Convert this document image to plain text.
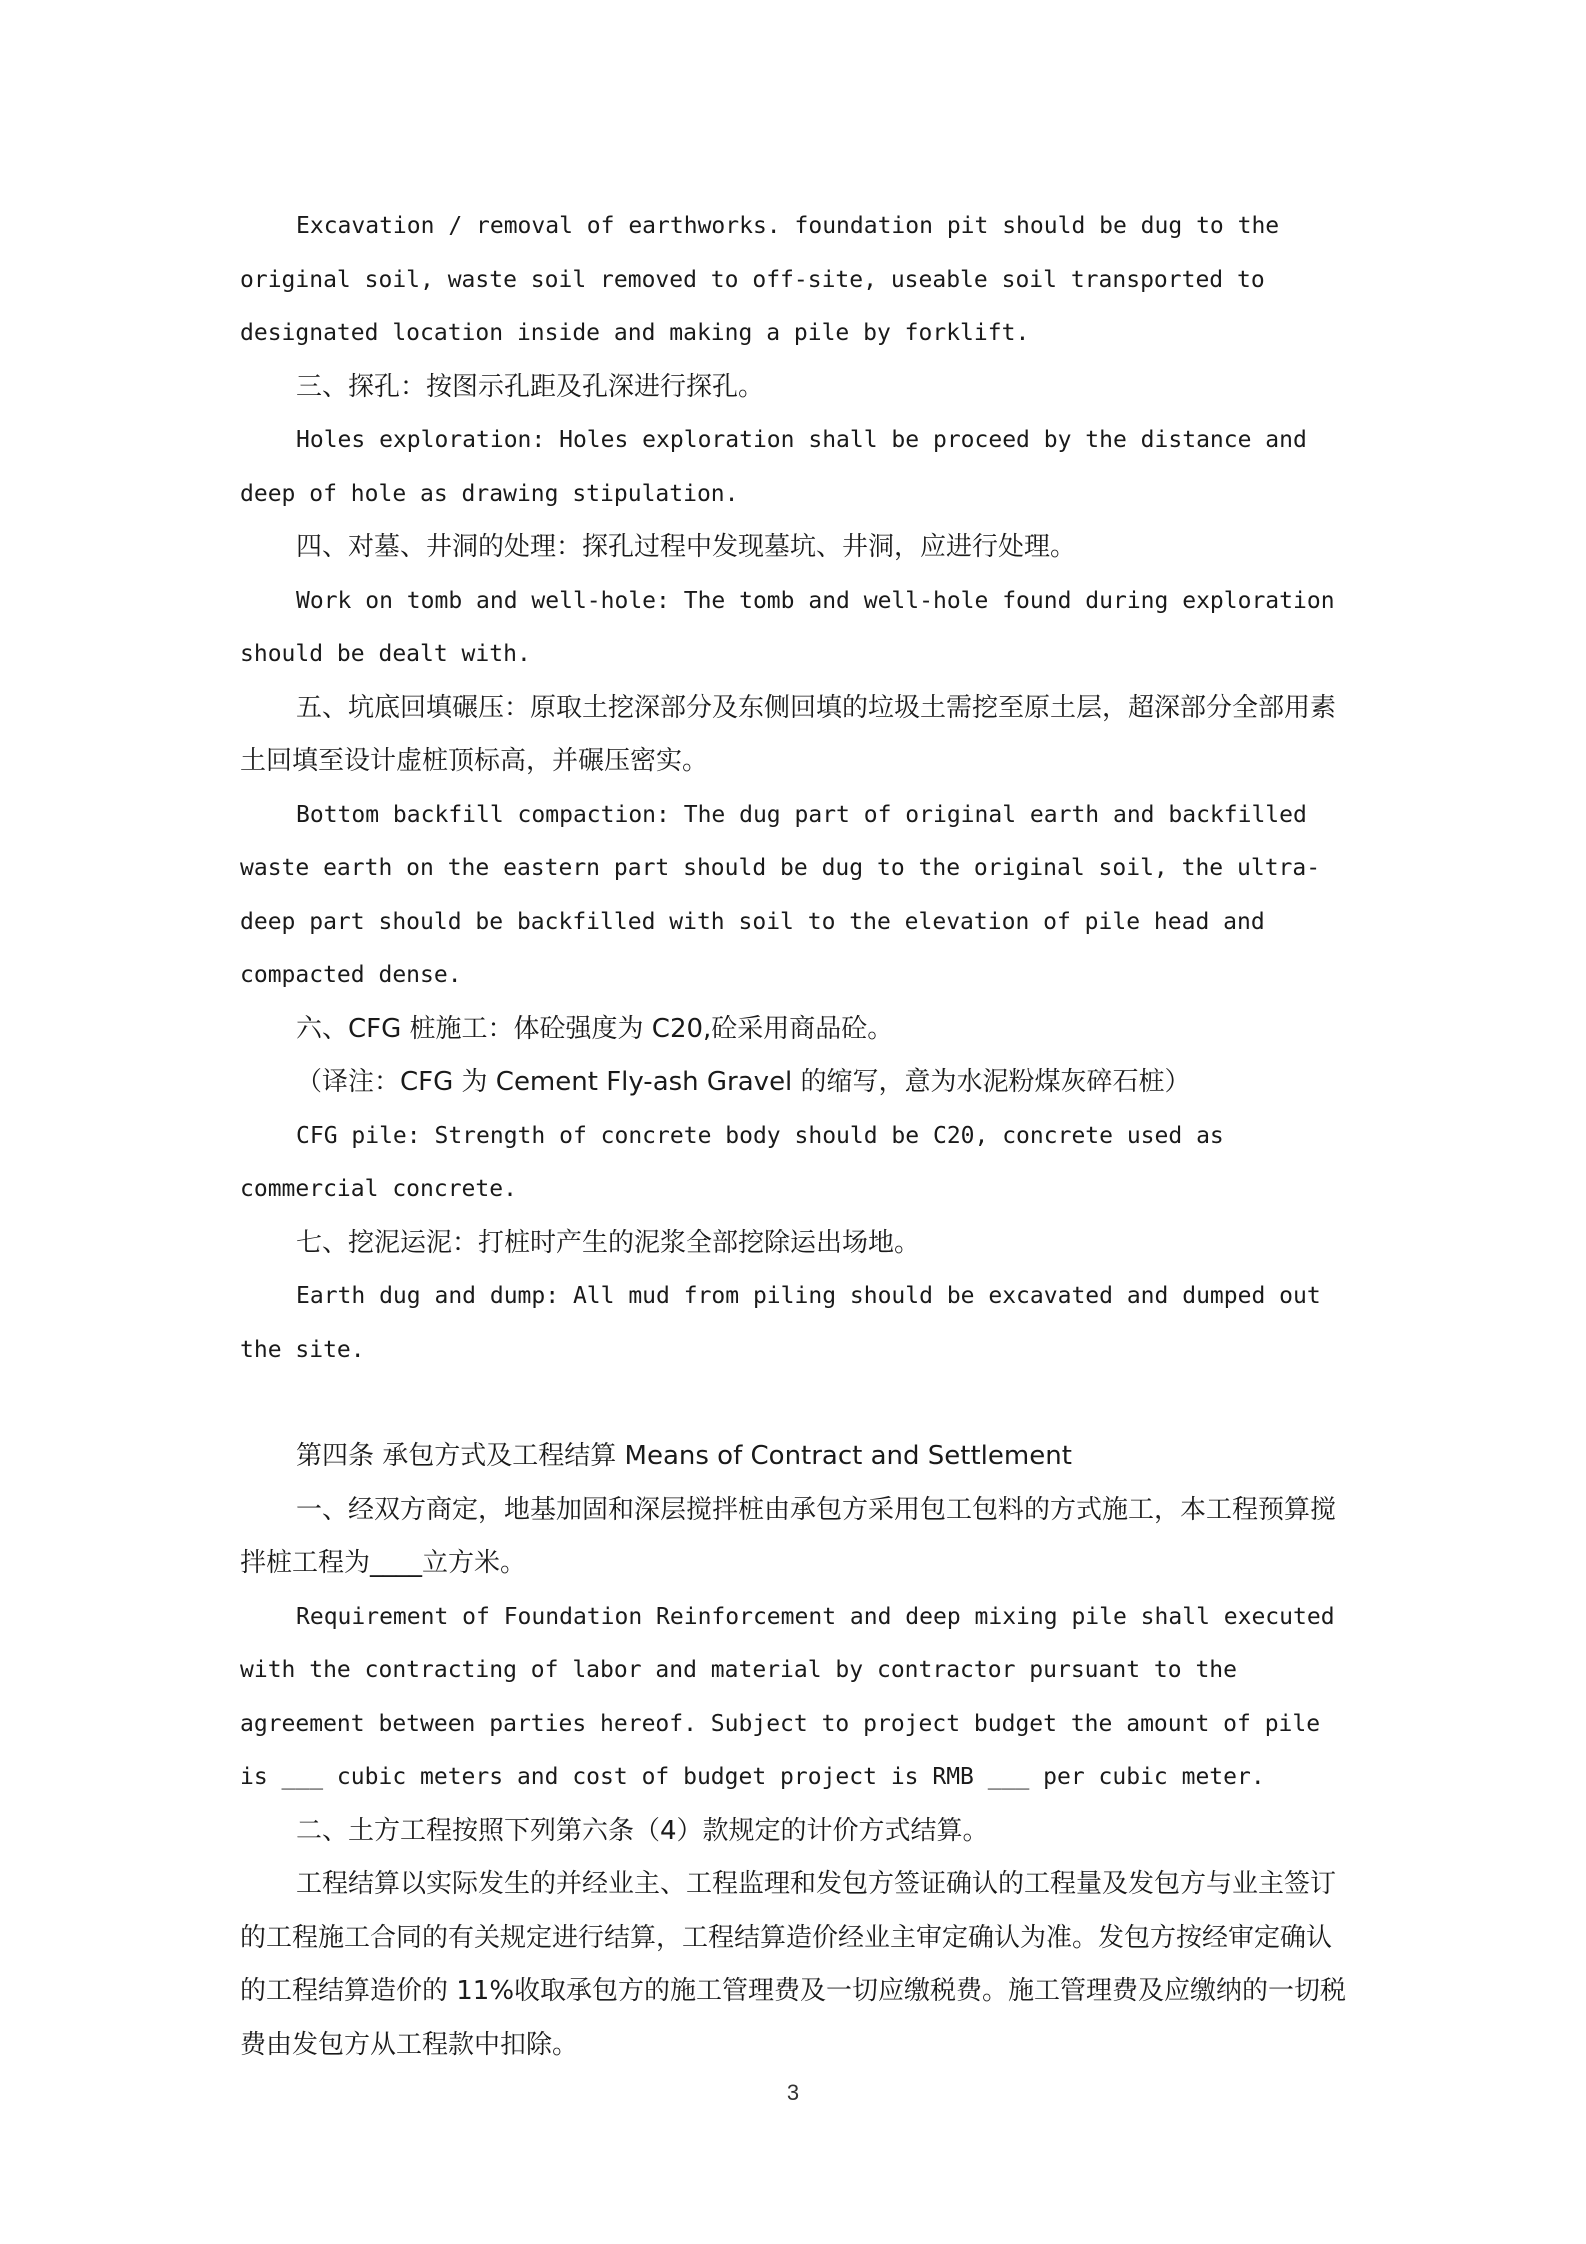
Excavation / removal of earthworks. foundation pit should be dug to the original soil, waste soil removed to off-site, useable soil transported to designated location inside and making a pile by forklift.

三、探孔：按图示孔距及孔深进行探孔。

Holes exploration: Holes exploration shall be proceed by the distance and deep of hole as drawing stipulation.

四、对墓、井洞的处理：探孔过程中发现墓坑、井洞，应进行处理。

Work on tomb and well-hole: The tomb and well-hole found during exploration should be dealt with.

五、坑底回填碾压：原取土挖深部分及东侧回填的垃圾土需挖至原土层，超深部分全部用素土回填至设计虚桩顶标高，并碾压密实。

Bottom backfill compaction: The dug part of original earth and backfilled waste earth on the eastern part should be dug to the original soil, the ultra-deep part should be backfilled with soil to the elevation of pile head and compacted dense.

六、CFG 桩施工：体砼强度为 C20,砼采用商品砼。

（译注：CFG 为 Cement Fly-ash Gravel 的缩写，意为水泥粉煤灰碎石桩）

CFG pile: Strength of concrete body should be C20, concrete used as commercial concrete.

七、挖泥运泥：打桩时产生的泥浆全部挖除运出场地。

Earth dug and dump: All mud from piling should be excavated and dumped out the site.

第四条 承包方式及工程结算 Means of Contract and Settlement

一、经双方商定，地基加固和深层搅拌桩由承包方采用包工包料的方式施工，本工程预算搅拌桩工程为____立方米。

Requirement of Foundation Reinforcement and deep mixing pile shall executed with the contracting of labor and material by contractor pursuant to the agreement between parties hereof. Subject to project budget the amount of pile is ___ cubic meters and cost of budget project is RMB ___ per cubic meter.

二、土方工程按照下列第六条（4）款规定的计价方式结算。

工程结算以实际发生的并经业主、工程监理和发包方签证确认的工程量及发包方与业主签订的工程施工合同的有关规定进行结算，工程结算造价经业主审定确认为准。发包方按经审定确认的工程结算造价的 11%收取承包方的施工管理费及一切应缴税费。施工管理费及应缴纳的一切税费由发包方从工程款中扣除。

3
